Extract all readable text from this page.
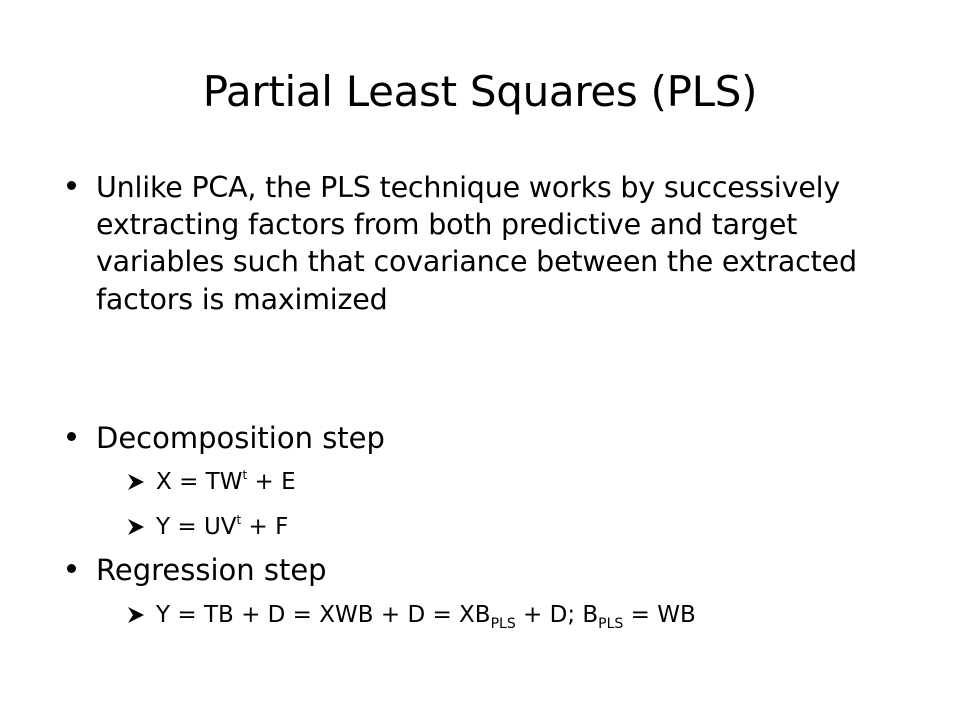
Partial Least Squares (PLS)
Unlike PCA, the PLS technique works by successively extracting factors from both predictive and target variables such that covariance between the extracted factors is maximized
Decomposition step
$X = TW^t + E$
$Y = UV^t + F$
Regression step
Y = TB + D = XWB + $D = XB_{PLS} + D$; $B_{PLS}$ = WB
